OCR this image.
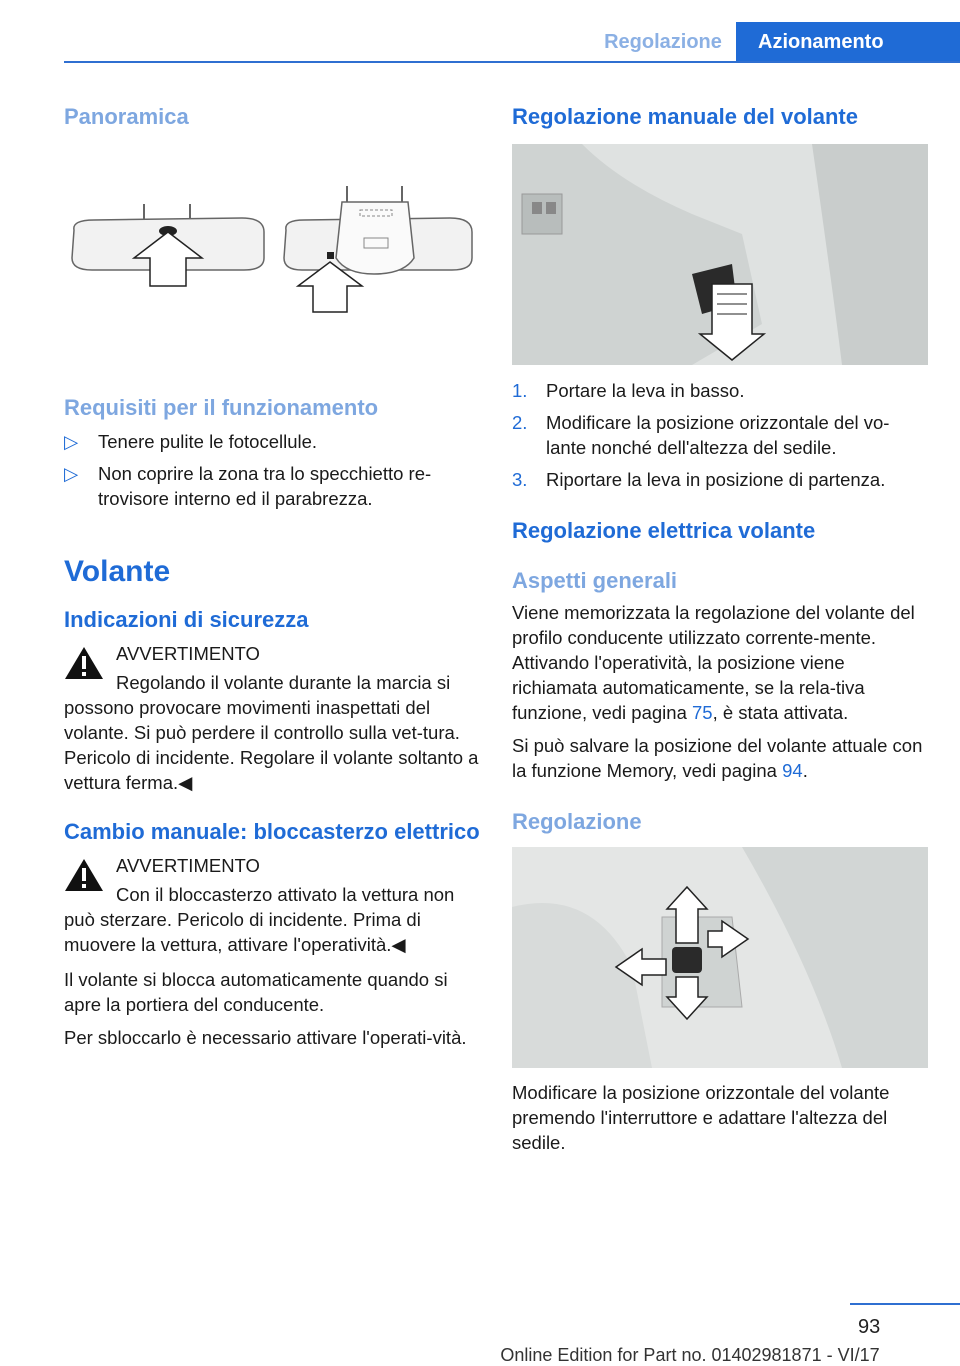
Regolazione	Azionamento
Panoramica
Requisiti per il funzionamento
▷ Tenere pulite le fotocellule.
▷ Non coprire la zona tra lo specchietto re‐trovisore interno ed il parabrezza.
Volante
Indicazioni di sicurezza
AVVERTIMENTO

Regolando il volante durante la marcia si possono provocare movimenti inaspettati del volante. Si può perdere il controllo sulla vet‐tura. Pericolo di incidente. Regolare il volante soltanto a vettura ferma.◀

Cambio manuale: bloccasterzo elettrico
AVVERTIMENTO

Con il bloccasterzo attivato la vettura non può sterzare. Pericolo di incidente. Prima di muovere la vettura, attivare l'operatività.◀

Il volante si blocca automaticamente quando si apre la portiera del conducente.

Per sbloccarlo è necessario attivare l'operati‐vità.

Regolazione manuale del volante
1. Portare la leva in basso.
2. Modificare la posizione orizzontale del vo‐lante nonché dell'altezza del sedile.
3. Riportare la leva in posizione di partenza.
Regolazione elettrica volante
Aspetti generali

Viene memorizzata la regolazione del volante del profilo conducente utilizzato corrente‐mente. Attivando l'operatività, la posizione viene richiamata automaticamente, se la rela‐tiva funzione, vedi pagina 75, è stata attivata.

Si può salvare la posizione del volante attuale con la funzione Memory, vedi pagina 94.

Regolazione

Modificare la posizione orizzontale del volante premendo l'interruttore e adattare l'altezza del sedile.

93
Online Edition for Part no. 01402981871 - VI/17
